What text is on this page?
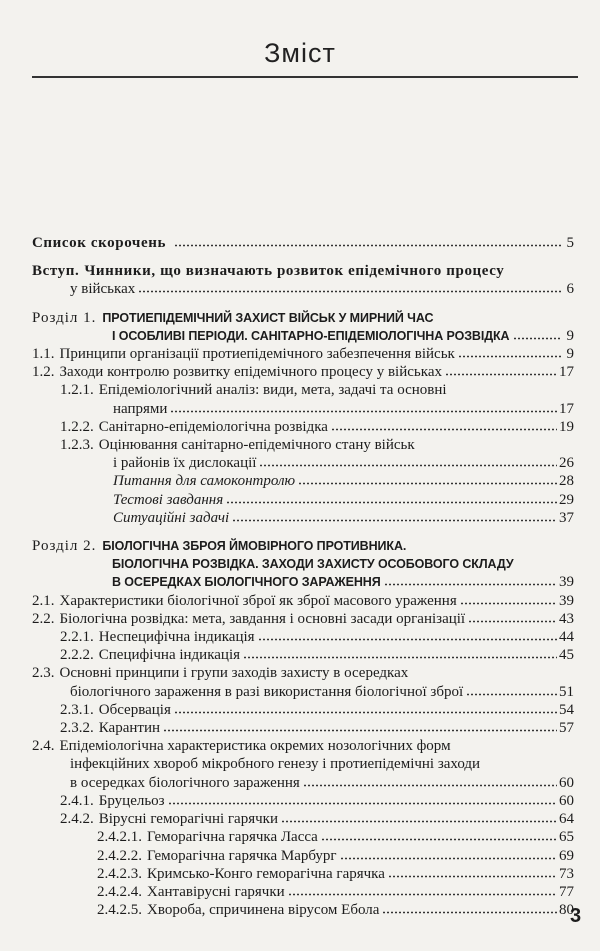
Зміст
Список скорочень	5
Вступ. Чинники, що визначають розвиток епідемічного процесу
у військах	6
Розділ 1. ПРОТИЕПІДЕМІЧНИЙ ЗАХИСТ ВІЙСЬК У МИРНИЙ ЧАС
І ОСОБЛИВІ ПЕРІОДИ. САНІТАРНО-ЕПІДЕМІОЛОГІЧНА РОЗВІДКА	9
1.1. Принципи організації протиепідемічного забезпечення військ	9
1.2. Заходи контролю розвитку епідемічного процесу у військах	17
1.2.1. Епідеміологічний аналіз: види, мета, задачі та основні
напрями	17
1.2.2. Санітарно-епідеміологічна розвідка	19
1.2.3. Оцінювання санітарно-епідемічного стану військ
і районів їх дислокації	26
Питання для самоконтролю	28
Тестові завдання	29
Ситуаційні задачі	37
Розділ 2. БІОЛОГІЧНА ЗБРОЯ ЙМОВІРНОГО ПРОТИВНИКА.
БІОЛОГІЧНА РОЗВІДКА. ЗАХОДИ ЗАХИСТУ ОСОБОВОГО СКЛАДУ
В ОСЕРЕДКАХ БІОЛОГІЧНОГО ЗАРАЖЕННЯ	39
2.1. Характеристики біологічної зброї як зброї масового ураження	39
2.2. Біологічна розвідка: мета, завдання і основні засади організації	43
2.2.1. Неспецифічна індикація	44
2.2.2. Специфічна індикація	45
2.3. Основні принципи і групи заходів захисту в осередках
біологічного зараження в разі використання біологічної зброї	51
2.3.1. Обсервація	54
2.3.2. Карантин	57
2.4. Епідеміологічна характеристика окремих нозологічних форм
інфекційних хвороб мікробного генезу і протиепідемічні заходи
в осередках біологічного зараження	60
2.4.1. Бруцельоз	60
2.4.2. Вірусні геморагічні гарячки	64
2.4.2.1. Геморагічна гарячка Ласса	65
2.4.2.2. Геморагічна гарячка Марбург	69
2.4.2.3. Кримсько-Конго геморагічна гарячка	73
2.4.2.4. Хантавірусні гарячки	77
2.4.2.5. Хвороба, спричинена вірусом Ебола	80
3
